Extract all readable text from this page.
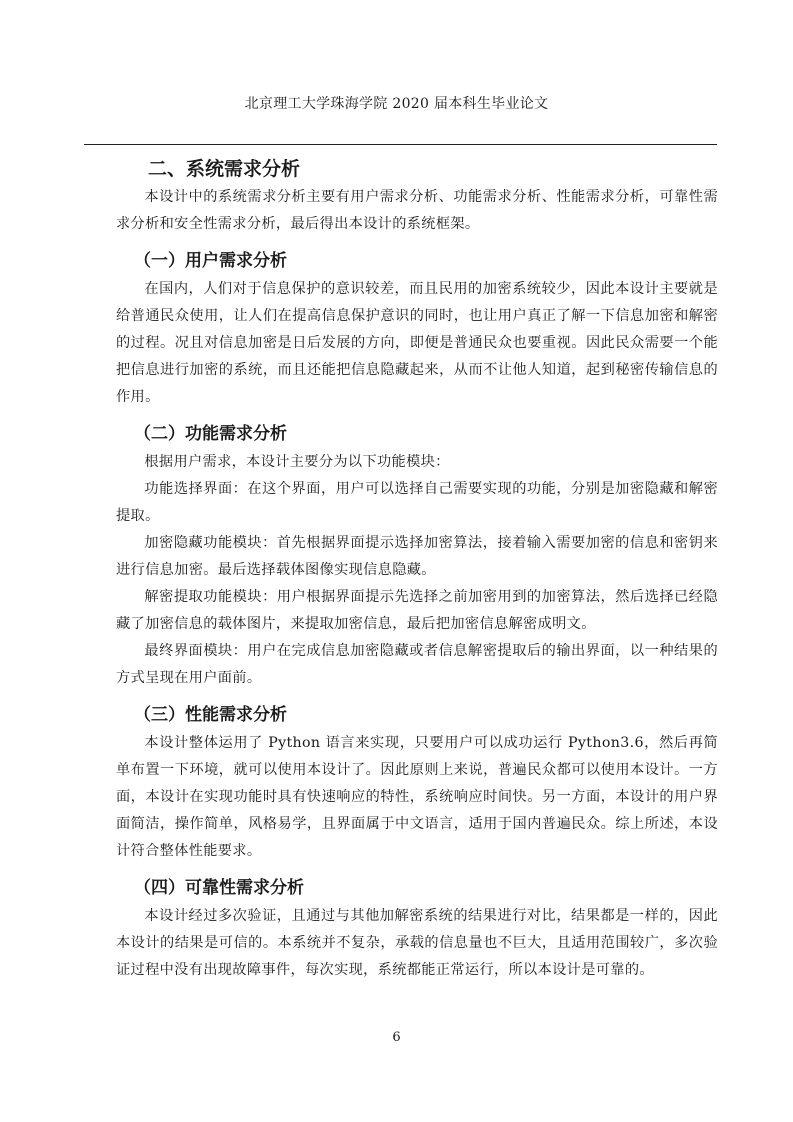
北京理工大学珠海学院 2020 届本科生毕业论文
二、系统需求分析

本设计中的系统需求分析主要有用户需求分析、功能需求分析、性能需求分析，可靠性需求分析和安全性需求分析，最后得出本设计的系统框架。

（一）用户需求分析

在国内，人们对于信息保护的意识较差，而且民用的加密系统较少，因此本设计主要就是给普通民众使用，让人们在提高信息保护意识的同时，也让用户真正了解一下信息加密和解密的过程。况且对信息加密是日后发展的方向，即便是普通民众也要重视。因此民众需要一个能把信息进行加密的系统，而且还能把信息隐藏起来，从而不让他人知道，起到秘密传输信息的作用。

（二）功能需求分析

根据用户需求，本设计主要分为以下功能模块：

功能选择界面：在这个界面，用户可以选择自己需要实现的功能，分别是加密隐藏和解密提取。

加密隐藏功能模块：首先根据界面提示选择加密算法，接着输入需要加密的信息和密钥来进行信息加密。最后选择载体图像实现信息隐藏。

解密提取功能模块：用户根据界面提示先选择之前加密用到的加密算法，然后选择已经隐藏了加密信息的载体图片，来提取加密信息，最后把加密信息解密成明文。

最终界面模块：用户在完成信息加密隐藏或者信息解密提取后的输出界面，以一种结果的方式呈现在用户面前。

（三）性能需求分析

本设计整体运用了 Python 语言来实现，只要用户可以成功运行 Python3.6，然后再简单布置一下环境，就可以使用本设计了。因此原则上来说，普遍民众都可以使用本设计。一方面，本设计在实现功能时具有快速响应的特性，系统响应时间快。另一方面，本设计的用户界面简洁，操作简单，风格易学，且界面属于中文语言，适用于国内普遍民众。综上所述，本设计符合整体性能要求。

（四）可靠性需求分析

本设计经过多次验证，且通过与其他加解密系统的结果进行对比，结果都是一样的，因此本设计的结果是可信的。本系统并不复杂，承载的信息量也不巨大，且适用范围较广，多次验证过程中没有出现故障事件，每次实现，系统都能正常运行，所以本设计是可靠的。

6
